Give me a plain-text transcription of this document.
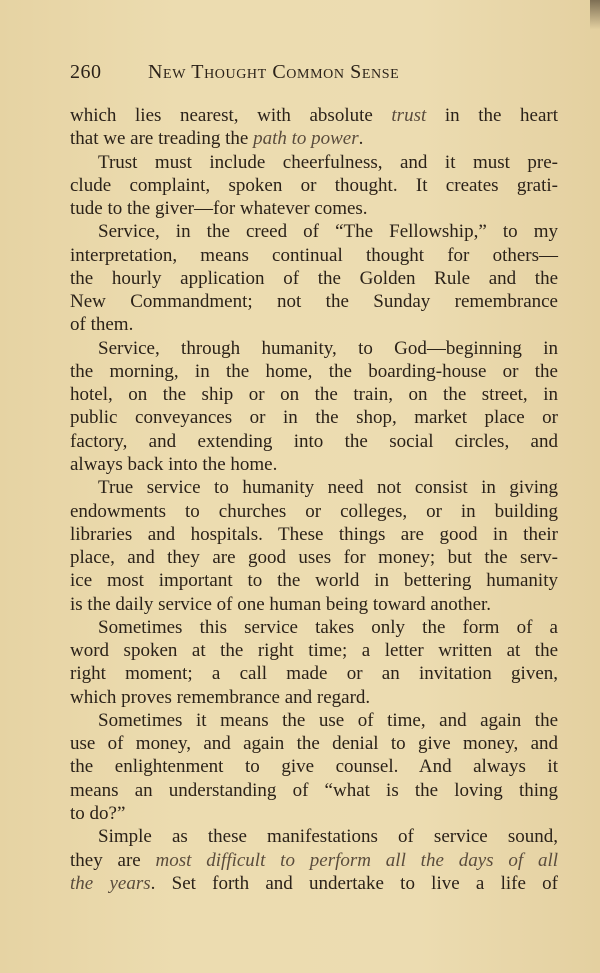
260 New Thought Common Sense
which lies nearest, with absolute trust in the heart
that we are treading the path to power.
Trust must include cheerfulness, and it must pre-
clude complaint, spoken or thought. It creates grati-
tude to the giver—for whatever comes.
Service, in the creed of “The Fellowship,” to my
interpretation, means continual thought for others—
the hourly application of the Golden Rule and the
New Commandment; not the Sunday remembrance
of them.
Service, through humanity, to God—beginning in
the morning, in the home, the boarding-house or the
hotel, on the ship or on the train, on the street, in
public conveyances or in the shop, market place or
factory, and extending into the social circles, and
always back into the home.
True service to humanity need not consist in giving
endowments to churches or colleges, or in building
libraries and hospitals. These things are good in their
place, and they are good uses for money; but the serv-
ice most important to the world in bettering humanity
is the daily service of one human being toward another.
Sometimes this service takes only the form of a
word spoken at the right time; a letter written at the
right moment; a call made or an invitation given,
which proves remembrance and regard.
Sometimes it means the use of time, and again the
use of money, and again the denial to give money, and
the enlightenment to give counsel. And always it
means an understanding of “what is the loving thing
to do?”
Simple as these manifestations of service sound,
they are most difficult to perform all the days of all
the years. Set forth and undertake to live a life of
